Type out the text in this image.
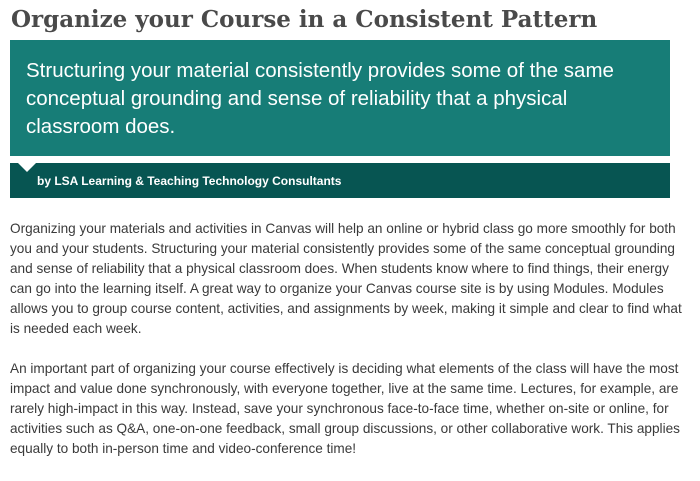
Organize your Course in a Consistent Pattern

Structuring your material consistently provides some of the same conceptual grounding and sense of reliability that a physical classroom does.

by LSA Learning & Teaching Technology Consultants

Organizing your materials and activities in Canvas will help an online or hybrid class go more smoothly for both you and your students. Structuring your material consistently provides some of the same conceptual grounding and sense of reliability that a physical classroom does. When students know where to find things, their energy can go into the learning itself. A great way to organize your Canvas course site is by using Modules. Modules allows you to group course content, activities, and assignments by week, making it simple and clear to find what is needed each week.

An important part of organizing your course effectively is deciding what elements of the class will have the most impact and value done synchronously, with everyone together, live at the same time. Lectures, for example, are rarely high-impact in this way. Instead, save your synchronous face-to-face time, whether on-site or online, for activities such as Q&A, one-on-one feedback, small group discussions, or other collaborative work. This applies equally to both in-person time and video-conference time!
